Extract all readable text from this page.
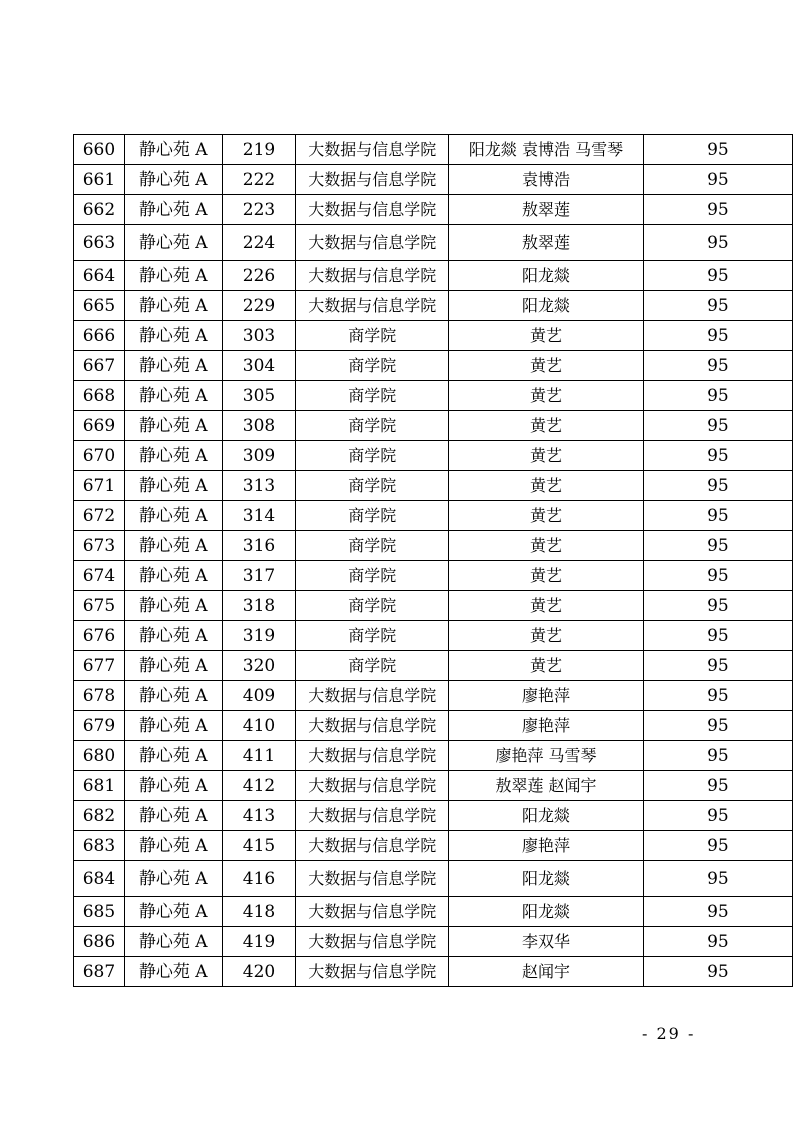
660	静心苑 A	219	大数据与信息学院	阳龙燚 袁博浩 马雪琴	95
661	静心苑 A	222	大数据与信息学院	袁博浩	95
662	静心苑 A	223	大数据与信息学院	敖翠莲	95
663	静心苑 A	224	大数据与信息学院	敖翠莲	95
664	静心苑 A	226	大数据与信息学院	阳龙燚	95
665	静心苑 A	229	大数据与信息学院	阳龙燚	95
666	静心苑 A	303	商学院	黄艺	95
667	静心苑 A	304	商学院	黄艺	95
668	静心苑 A	305	商学院	黄艺	95
669	静心苑 A	308	商学院	黄艺	95
670	静心苑 A	309	商学院	黄艺	95
671	静心苑 A	313	商学院	黄艺	95
672	静心苑 A	314	商学院	黄艺	95
673	静心苑 A	316	商学院	黄艺	95
674	静心苑 A	317	商学院	黄艺	95
675	静心苑 A	318	商学院	黄艺	95
676	静心苑 A	319	商学院	黄艺	95
677	静心苑 A	320	商学院	黄艺	95
678	静心苑 A	409	大数据与信息学院	廖艳萍	95
679	静心苑 A	410	大数据与信息学院	廖艳萍	95
680	静心苑 A	411	大数据与信息学院	廖艳萍 马雪琴	95
681	静心苑 A	412	大数据与信息学院	敖翠莲 赵闻宇	95
682	静心苑 A	413	大数据与信息学院	阳龙燚	95
683	静心苑 A	415	大数据与信息学院	廖艳萍	95
684	静心苑 A	416	大数据与信息学院	阳龙燚	95
685	静心苑 A	418	大数据与信息学院	阳龙燚	95
686	静心苑 A	419	大数据与信息学院	李双华	95
687	静心苑 A	420	大数据与信息学院	赵闻宇	95
- 29 -
